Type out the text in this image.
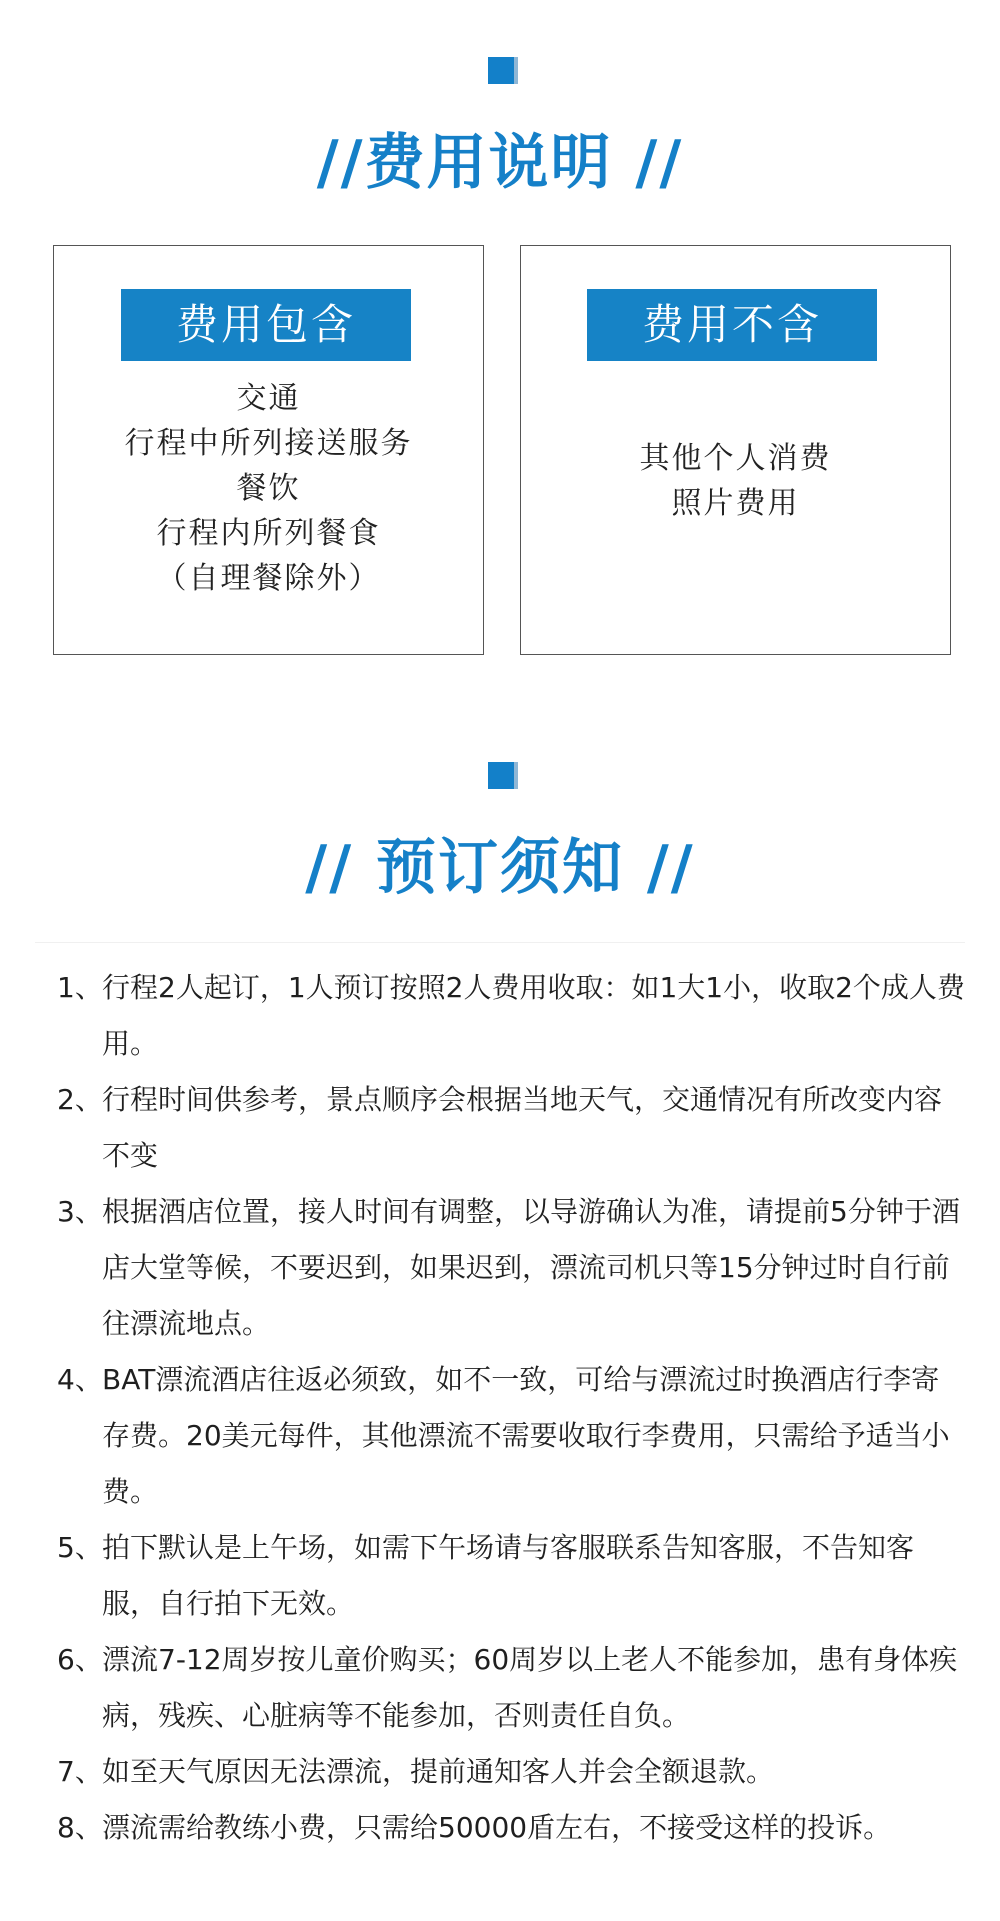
//费用说明 //
费用包含
交通
行程中所列接送服务
餐饮
行程内所列餐食
（自理餐除外）
费用不含
其他个人消费
照片费用
// 预订须知 //
1、 行程2人起订，1人预订按照2人费用收取：如1大1小，收取2个成人费用。
2、 行程时间供参考，景点顺序会根据当地天气，交通情况有所改变内容不变
3、 根据酒店位置，接人时间有调整，以导游确认为准，请提前5分钟于酒店大堂等候，不要迟到，如果迟到，漂流司机只等15分钟过时自行前往漂流地点。
4、 BAT漂流酒店往返必须致，如不一致，可给与漂流过时换酒店行李寄存费。20美元每件，其他漂流不需要收取行李费用，只需给予适当小费。
5、 拍下默认是上午场，如需下午场请与客服联系告知客服，不告知客服，自行拍下无效。
6、 漂流7-12周岁按儿童价购买；60周岁以上老人不能参加，患有身体疾病，残疾、心脏病等不能参加，否则责任自负。
7、 如至天气原因无法漂流，提前通知客人并会全额退款。
8、 漂流需给教练小费，只需给50000盾左右，不接受这样的投诉。
